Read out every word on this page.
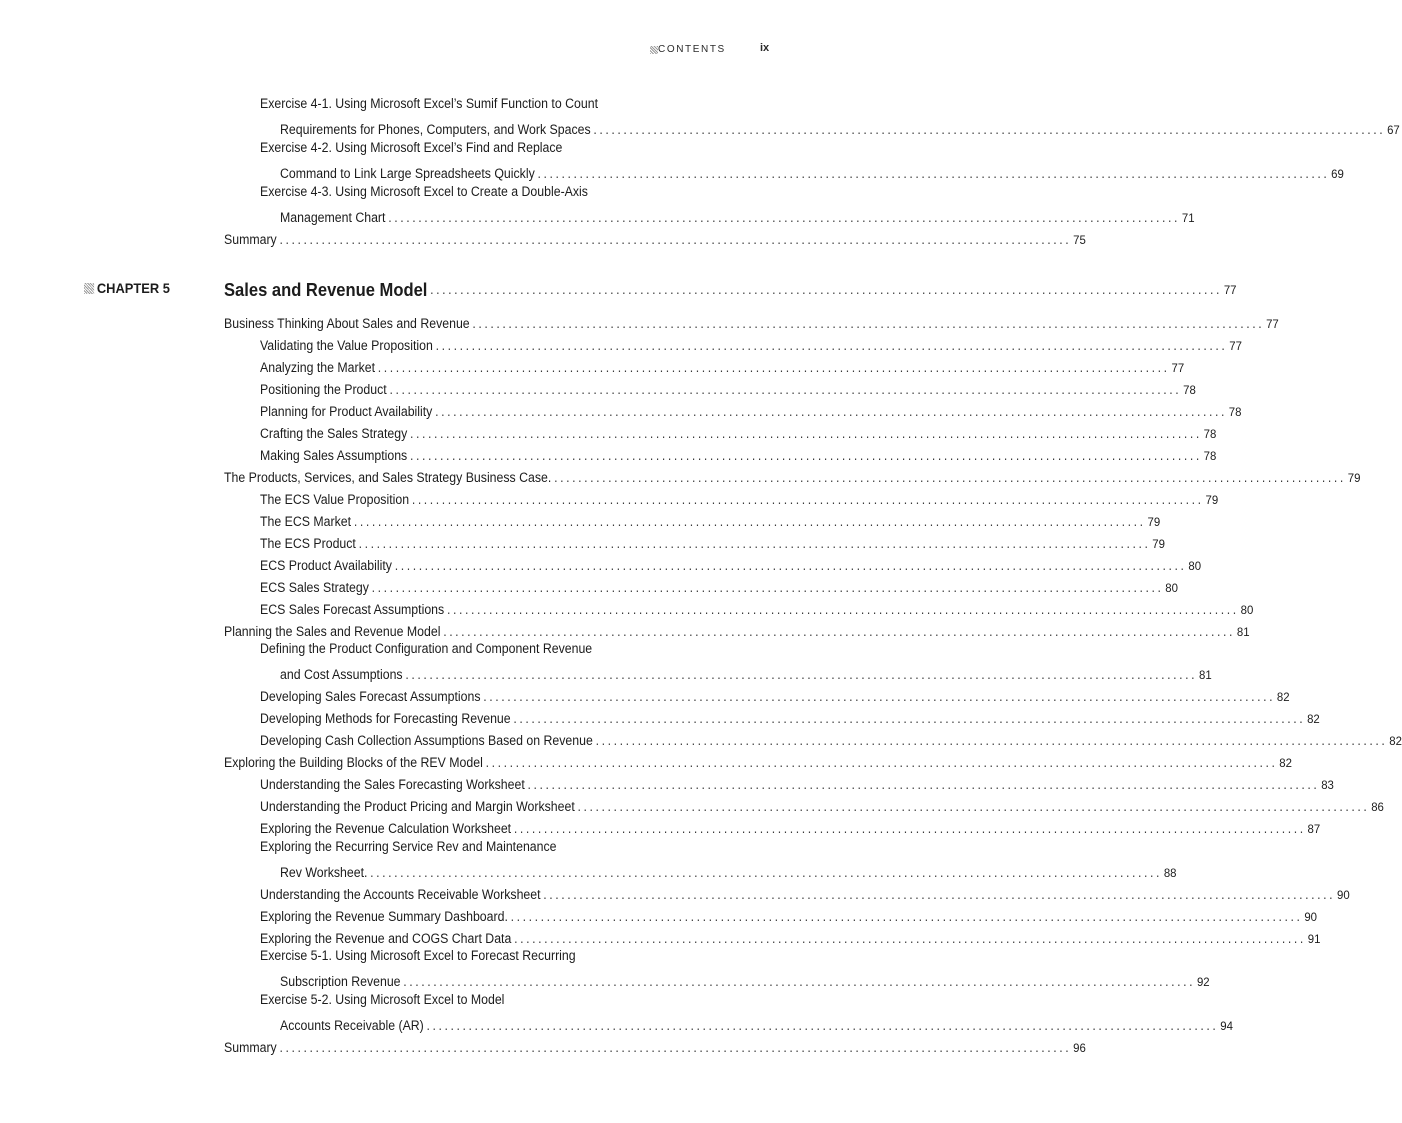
CONTENTS	ix
CHAPTER 5
Exercise 4-1. Using Microsoft Excel’s Sumif Function to Count
Requirements for Phones, Computers, and Work Spaces .................................................................................................................................... 67
Exercise 4-2. Using Microsoft Excel’s Find and Replace
Command to Link Large Spreadsheets Quickly .................................................................................................................................... 69
Exercise 4-3. Using Microsoft Excel to Create a Double-Axis
Management Chart .................................................................................................................................... 71
Summary .................................................................................................................................... 75
Sales and Revenue Model .................................................................................................................................... 77
Business Thinking About Sales and Revenue .................................................................................................................................... 77
Validating the Value Proposition .................................................................................................................................... 77
Analyzing the Market .................................................................................................................................... 77
Positioning the Product .................................................................................................................................... 78
Planning for Product Availability .................................................................................................................................... 78
Crafting the Sales Strategy .................................................................................................................................... 78
Making Sales Assumptions .................................................................................................................................... 78
The Products, Services, and Sales Strategy Business Case. .................................................................................................................................... 79
The ECS Value Proposition .................................................................................................................................... 79
The ECS Market .................................................................................................................................... 79
The ECS Product .................................................................................................................................... 79
ECS Product Availability .................................................................................................................................... 80
ECS Sales Strategy .................................................................................................................................... 80
ECS Sales Forecast Assumptions .................................................................................................................................... 80
Planning the Sales and Revenue Model .................................................................................................................................... 81
Defining the Product Configuration and Component Revenue
and Cost Assumptions .................................................................................................................................... 81
Developing Sales Forecast Assumptions .................................................................................................................................... 82
Developing Methods for Forecasting Revenue .................................................................................................................................... 82
Developing Cash Collection Assumptions Based on Revenue .................................................................................................................................... 82
Exploring the Building Blocks of the REV Model .................................................................................................................................... 82
Understanding the Sales Forecasting Worksheet .................................................................................................................................... 83
Understanding the Product Pricing and Margin Worksheet .................................................................................................................................... 86
Exploring the Revenue Calculation Worksheet .................................................................................................................................... 87
Exploring the Recurring Service Rev and Maintenance
Rev Worksheet. .................................................................................................................................... 88
Understanding the Accounts Receivable Worksheet .................................................................................................................................... 90
Exploring the Revenue Summary Dashboard. .................................................................................................................................... 90
Exploring the Revenue and COGS Chart Data .................................................................................................................................... 91
Exercise 5-1. Using Microsoft Excel to Forecast Recurring
Subscription Revenue .................................................................................................................................... 92
Exercise 5-2. Using Microsoft Excel to Model
Accounts Receivable (AR) .................................................................................................................................... 94
Summary .................................................................................................................................... 96
